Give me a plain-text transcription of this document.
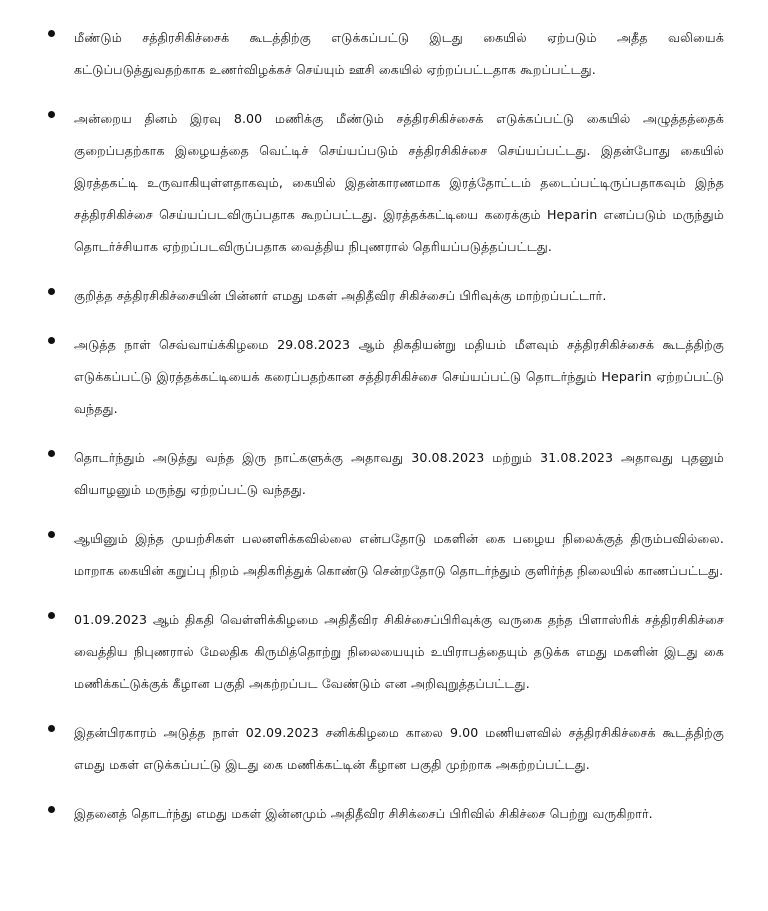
மீண்டும் சத்திரசிகிச்சைக் கூடத்திற்கு எடுக்கப்பட்டு இடது கையில் ஏற்படும் அதீத வலியைக் கட்டுப்படுத்துவதற்காக உணர்விழக்கச் செய்யும் ஊசி கையில் ஏற்றப்பட்டதாக கூறப்பட்டது.
அன்றைய தினம் இரவு 8.00 மணிக்கு மீண்டும் சத்திரசிகிச்சைக் எடுக்கப்பட்டு கையில் அழுத்தத்தைக் குறைப்பதற்காக இழையத்தை வெட்டிச் செய்யப்படும் சத்திரசிகிச்சை செய்யப்பட்டது. இதன்போது கையில் இரத்தகட்டி உருவாகியுள்ளதாகவும், கையில் இதன்காரணமாக இரத்தோட்டம் தடைப்பட்டிருப்பதாகவும் இந்த சத்திரசிகிச்சை செய்யப்படவிருப்பதாக கூறப்பட்டது. இரத்தக்கட்டியை கரைக்கும் Heparin எனப்படும் மருந்தும் தொடர்ச்சியாக ஏற்றப்படவிருப்பதாக வைத்திய நிபுணரால் தெரியப்படுத்தப்பட்டது.
குறித்த சத்திரசிகிச்சையின் பின்னர் எமது மகள் அதிதீவிர சிகிச்சைப் பிரிவுக்கு மாற்றப்பட்டார்.
அடுத்த நாள் செவ்வாய்க்கிழமை 29.08.2023 ஆம் திகதியன்று மதியம் மீளவும் சத்திரசிகிச்சைக் கூடத்திற்கு எடுக்கப்பட்டு இரத்தக்கட்டியைக் கரைப்பதற்கான சத்திரசிகிச்சை செய்யப்பட்டு தொடர்ந்தும் Heparin ஏற்றப்பட்டு வந்தது.
தொடர்ந்தும் அடுத்து வந்த இரு நாட்களுக்கு அதாவது 30.08.2023 மற்றும் 31.08.2023 அதாவது புதனும் வியாழனும் மருந்து ஏற்றப்பட்டு வந்தது.
ஆயினும் இந்த முயற்சிகள் பலனளிக்கவில்லை என்பதோடு மகளின் கை பழைய நிலைக்குத் திரும்பவில்லை. மாறாக கையின் கறுப்பு நிறம் அதிகரித்துக் கொண்டு சென்றதோடு தொடர்ந்தும் குளிர்ந்த நிலையில் காணப்பட்டது.
01.09.2023 ஆம் திகதி வெள்ளிக்கிழமை அதிதீவிர சிகிச்சைப்பிரிவுக்கு வருகை தந்த பிளாஸ்ரிக் சத்திரசிகிச்சை வைத்திய நிபுணரால் மேலதிக கிருமித்தொற்று நிலையையும் உயிராபத்தையும் தடுக்க எமது மகளின் இடது கை மணிக்கட்டுக்குக் கீழான பகுதி அகற்றப்பட வேண்டும் என அறிவுறுத்தப்பட்டது.
இதன்பிரகாரம் அடுத்த நாள் 02.09.2023 சனிக்கிழமை காலை 9.00 மணியளவில் சத்திரசிகிச்சைக் கூடத்திற்கு எமது மகள் எடுக்கப்பட்டு இடது கை மணிக்கட்டின் கீழான பகுதி முற்றாக அகற்றப்பட்டது.
இதனைத் தொடர்ந்து எமது மகள் இன்னமும் அதிதீவிர சிசிக்சைப் பிரிவில் சிகிச்சை பெற்று வருகிறார்.
